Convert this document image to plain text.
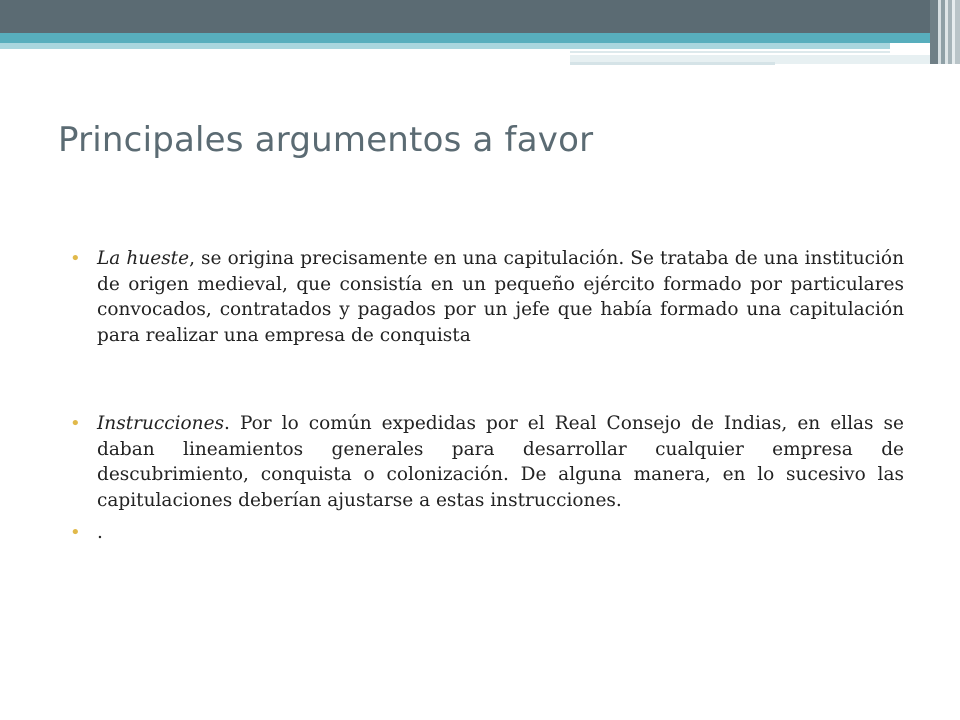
Principales argumentos a favor
• La hueste, se origina precisamente en una capitulación. Se trataba de una institución de origen medieval, que consistía en un pequeño ejército formado por particulares convocados, contratados y pagados por un jefe que había formado una capitulación para realizar una empresa de conquista
• Instrucciones. Por lo común expedidas por el Real Consejo de Indias, en ellas se daban lineamientos generales para desarrollar cualquier empresa de descubrimiento, conquista o colonización. De alguna manera, en lo sucesivo las capitulaciones deberían ajustarse a estas instrucciones.
• .
